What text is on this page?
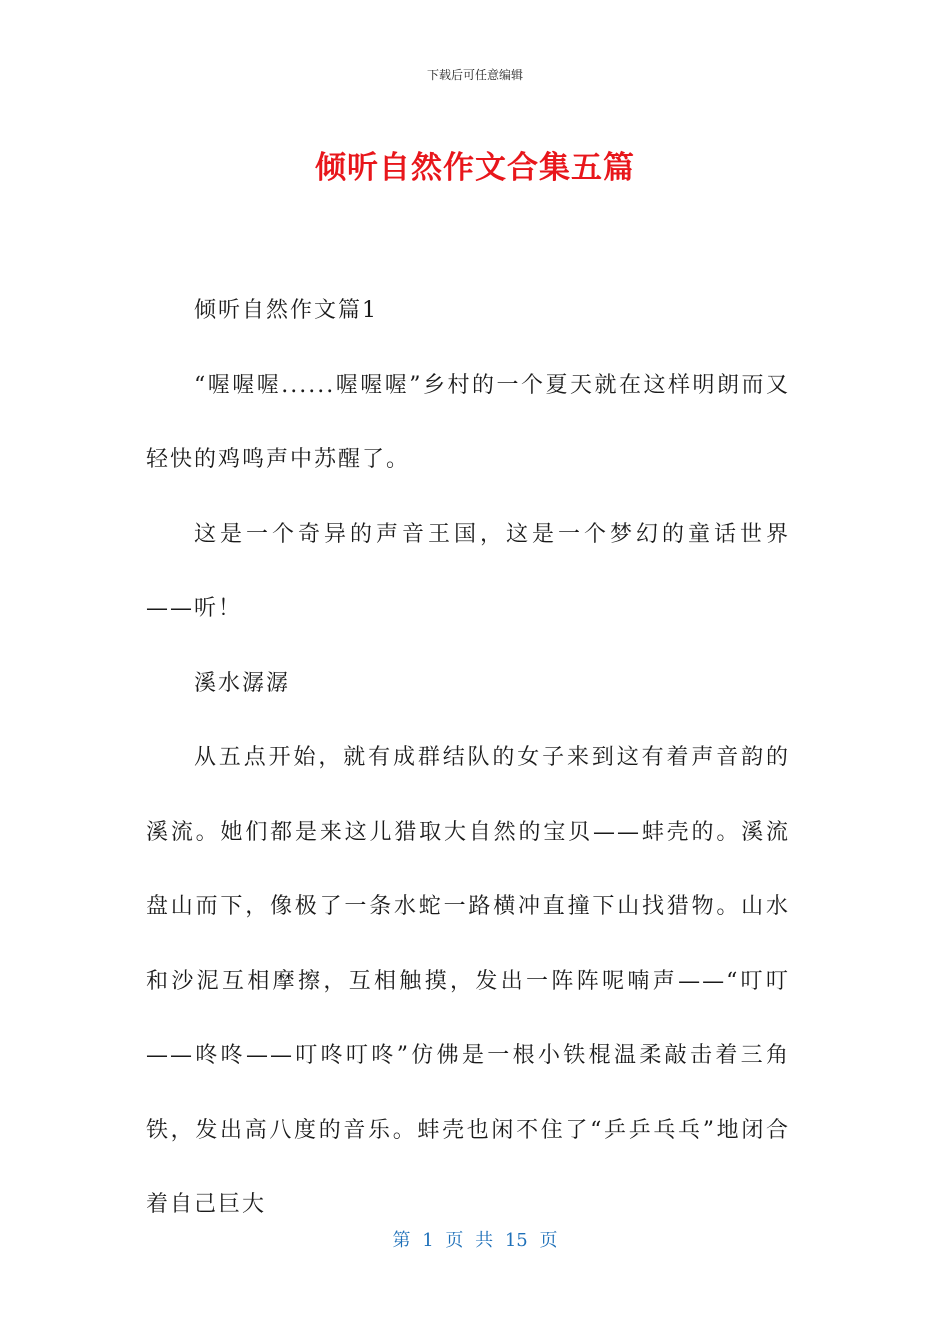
下载后可任意编辑
倾听自然作文合集五篇

倾听自然作文篇1

“喔喔喔......喔喔喔”乡村的一个夏天就在这样明朗而又轻快的鸡鸣声中苏醒了。

这是一个奇异的声音王国，这是一个梦幻的童话世界——听！

溪水潺潺

从五点开始，就有成群结队的女子来到这有着声音韵的溪流。她们都是来这儿猎取大自然的宝贝——蚌壳的。溪流盘山而下，像极了一条水蛇一路横冲直撞下山找猎物。山水和沙泥互相摩擦，互相触摸，发出一阵阵呢喃声——“叮叮——咚咚——叮咚叮咚”仿佛是一根小铁棍温柔敲击着三角铁，发出高八度的音乐。蚌壳也闲不住了“乒乒乓乓”地闭合着自己巨大

第 1 页 共 15 页
